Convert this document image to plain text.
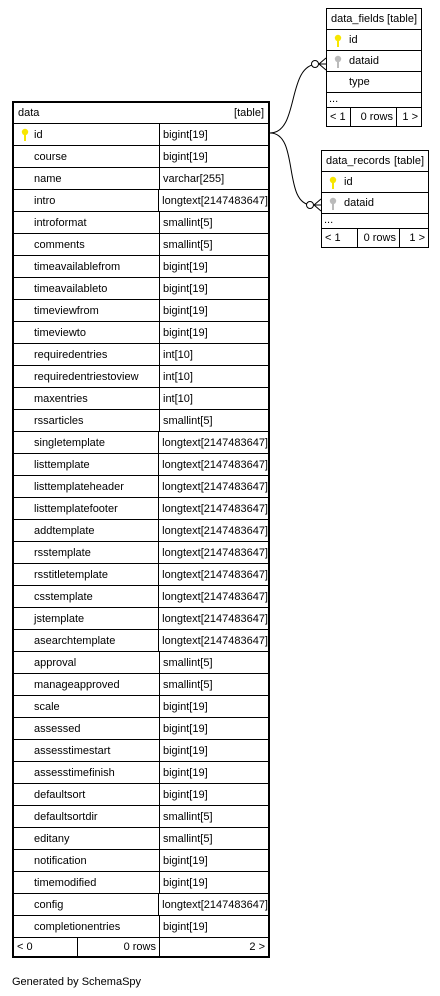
data_fields [table]
id
dataid
type
...
< 1	0 rows 1 >
data_records [table]
id
dataid
...
< 1	0 rows	1 >
data	[table]
id	bigint[19]
course	bigint[19]
name	varchar[255]
intro	longtext[2147483647]
introformat	smallint[5]
comments	smallint[5]
timeavailablefrom	bigint[19]
timeavailableto	bigint[19]
timeviewfrom	bigint[19]
timeviewto	bigint[19]
requiredentries	int[10]
requiredentriestoview int[10]
maxentries	int[10]
rssarticles	smallint[5]
singletemplate	longtext[2147483647]
listtemplate	longtext[2147483647]
listtemplateheader	longtext[2147483647]
listtemplatefooter	longtext[2147483647]
addtemplate	longtext[2147483647]
rsstemplate	longtext[2147483647]
rsstitletemplate	longtext[2147483647]
csstemplate	longtext[2147483647]
jstemplate	longtext[2147483647]
asearchtemplate	longtext[2147483647]
approval	smallint[5]
manageapproved	smallint[5]
scale	bigint[19]
assessed	bigint[19]
assesstimestart	bigint[19]
assesstimefinish	bigint[19]
defaultsort	bigint[19]
defaultsortdir	smallint[5]
editany	smallint[5]
notification	bigint[19]
timemodified	bigint[19]
config	longtext[2147483647]
completionentries	bigint[19]
< 0	0 rows	2 >
Generated by SchemaSpy
